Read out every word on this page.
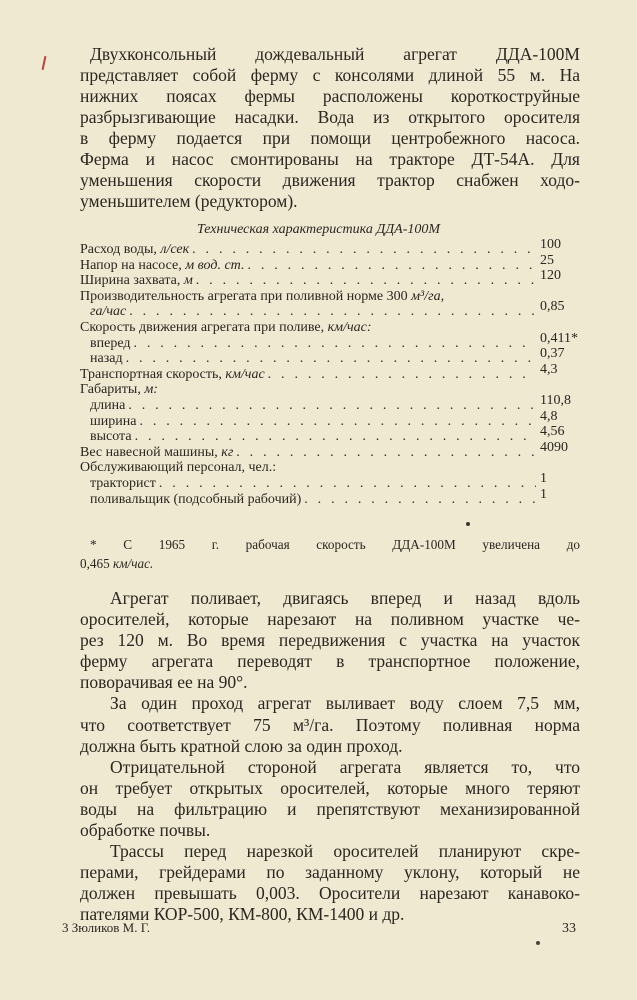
Двухконсольный дождевальный агрегат ДДА-100М
представляет собой ферму с консолями длиной 55 м. На
нижних поясах фермы расположены короткоструйные
разбрызгивающие насадки. Вода из открытого оросителя
в ферму подается при помощи центробежного насоса.
Ферма и насос смонтированы на тракторе ДТ-54А. Для
уменьшения скорости движения трактор снабжен ходо-
уменьшителем (редуктором).
Техническая характеристика ДДА-100М
Расход воды, л/сек . . .	100
Напор на насосе, м вод. ст. . . .	25
Ширина захвата, м . . .	120
Производительность агрегата при поливной норме 300 м³/га,
га/час . . .	0,85
Скорость движения агрегата при поливе, км/час:
вперед . . .	0,411*
назад . . .	0,37
Транспортная скорость, км/час . . .	4,3
Габариты, м:
длина . . .	110,8
ширина . . .	4,8
высота . . .	4,56
Вес навесной машины, кг . . .	4090
Обслуживающий персонал, чел.:
тракторист . . .	1
поливальщик (подсобный рабочий) . . .	1
* С 1965 г. рабочая скорость ДДА-100М увеличена до
0,465 км/час.
Агрегат поливает, двигаясь вперед и назад вдоль
оросителей, которые нарезают на поливном участке че-
рез 120 м. Во время передвижения с участка на участок
ферму агрегата переводят в транспортное положение,
поворачивая ее на 90°.
За один проход агрегат выливает воду слоем 7,5 мм,
что соответствует 75 м³/га. Поэтому поливная норма
должна быть кратной слою за один проход.
Отрицательной стороной агрегата является то, что
он требует открытых оросителей, которые много теряют
воды на фильтрацию и препятствуют механизированной
обработке почвы.
Трассы перед нарезкой оросителей планируют скре-
перами, грейдерами по заданному уклону, который не
должен превышать 0,003. Оросители нарезают канавоко-
пателями КОР-500, КМ-800, КМ-1400 и др.
3 Зюликов М. Г.	33
